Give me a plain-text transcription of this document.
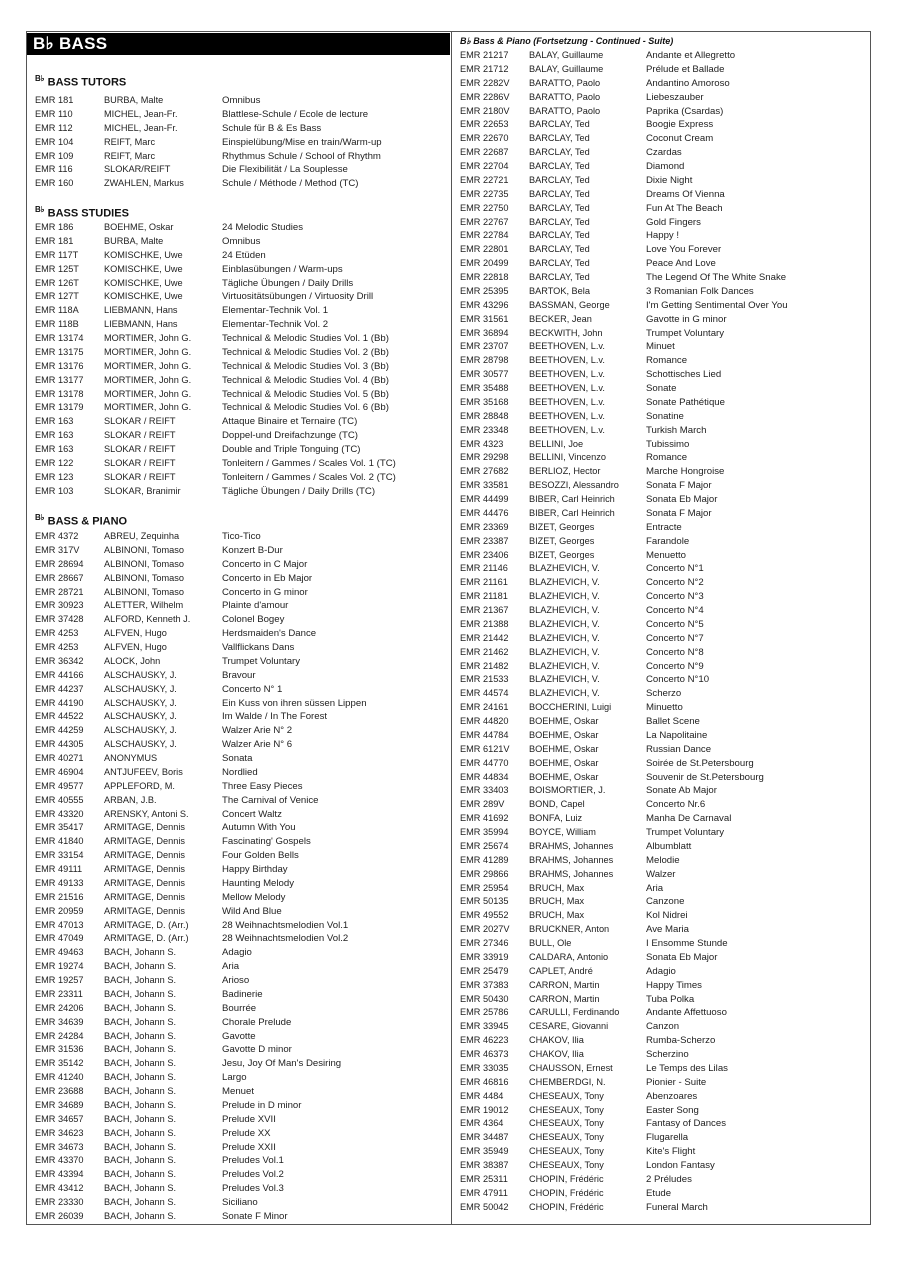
B♭ BASS
$^{B♭}$ BASS TUTORS
EMR 181	BURBA, Malte	Omnibus
EMR 110	MICHEL, Jean-Fr.	Blattlese-Schule / Ecole de lecture
EMR 112	MICHEL, Jean-Fr.	Schule für B & Es Bass
EMR 104	REIFT, Marc	Einspielübung/Mise en train/Warm-up
EMR 109	REIFT, Marc	Rhythmus Schule / School of Rhythm
EMR 116	SLOKAR/REIFT	Die Flexibilität / La Souplesse
EMR 160	ZWAHLEN, Markus	Schule / Méthode / Method (TC)
$^{B♭}$ BASS STUDIES
EMR 186	BOEHME, Oskar	24 Melodic Studies
EMR 181	BURBA, Malte	Omnibus
EMR 117T	KOMISCHKE, Uwe	24 Etüden
EMR 125T	KOMISCHKE, Uwe	Einblasübungen / Warm-ups
EMR 126T	KOMISCHKE, Uwe	Tägliche Übungen / Daily Drills
EMR 127T	KOMISCHKE, Uwe	Virtuositätsübungen / Virtuosity Drill
EMR 118A	LIEBMANN, Hans	Elementar-Technik Vol. 1
EMR 118B	LIEBMANN, Hans	Elementar-Technik Vol. 2
EMR 13174 MORTIMER, John G.	Technical & Melodic Studies Vol. 1 (Bb)
EMR 13175 MORTIMER, John G.	Technical & Melodic Studies Vol. 2 (Bb)
EMR 13176 MORTIMER, John G.	Technical & Melodic Studies Vol. 3 (Bb)
EMR 13177 MORTIMER, John G.	Technical & Melodic Studies Vol. 4 (Bb)
EMR 13178 MORTIMER, John G.	Technical & Melodic Studies Vol. 5 (Bb)
EMR 13179 MORTIMER, John G.	Technical & Melodic Studies Vol. 6 (Bb)
EMR 163	SLOKAR / REIFT	Attaque Binaire et Ternaire (TC)
EMR 163	SLOKAR / REIFT	Doppel-und Dreifachzunge (TC)
EMR 163	SLOKAR / REIFT	Double and Triple Tonguing (TC)
EMR 122	SLOKAR / REIFT	Tonleitern / Gammes / Scales Vol. 1 (TC)
EMR 123	SLOKAR / REIFT	Tonleitern / Gammes / Scales Vol. 2 (TC)
EMR 103	SLOKAR, Branimir	Tägliche Übungen / Daily Drills (TC)
$^{B♭}$ BASS & PIANO
EMR 4372	ABREU, Zequinha	Tico-Tico
EMR 317V	ALBINONI, Tomaso	Konzert B-Dur
EMR 28694 ALBINONI, Tomaso	Concerto in C Major
EMR 28667 ALBINONI, Tomaso	Concerto in Eb Major
EMR 28721 ALBINONI, Tomaso	Concerto in G minor
EMR 30923 ALETTER, Wilhelm	Plainte d'amour
EMR 37428 ALFORD, Kenneth J.	Colonel Bogey
EMR 4253	ALFVEN, Hugo	Herdsmaiden's Dance
EMR 4253	ALFVEN, Hugo	Vallflickans Dans
EMR 36342 ALOCK, John	Trumpet Voluntary
EMR 44166 ALSCHAUSKY, J.	Bravour
EMR 44237 ALSCHAUSKY, J.	Concerto N° 1
EMR 44190 ALSCHAUSKY, J.	Ein Kuss von ihren süssen Lippen
EMR 44522 ALSCHAUSKY, J.	Im Walde / In The Forest
EMR 44259 ALSCHAUSKY, J.	Walzer Arie N° 2
EMR 44305 ALSCHAUSKY, J.	Walzer Arie N° 6
EMR 40271 ANONYMUS	Sonata
EMR 46904 ANTJUFEEV, Boris	Nordlied
EMR 49577 APPLEFORD, M.	Three Easy Pieces
EMR 40555 ARBAN, J.B.	The Carnival of Venice
EMR 43320 ARENSKY, Antoni S.	Concert Waltz
EMR 35417 ARMITAGE, Dennis	Autumn With You
EMR 41840 ARMITAGE, Dennis	Fascinating' Gospels
EMR 33154 ARMITAGE, Dennis	Four Golden Bells
EMR 49111 ARMITAGE, Dennis	Happy Birthday
EMR 49133 ARMITAGE, Dennis	Haunting Melody
EMR 21516 ARMITAGE, Dennis	Mellow Melody
EMR 20959 ARMITAGE, Dennis	Wild And Blue
EMR 47013 ARMITAGE, D. (Arr.)	28 Weihnachtsmelodien Vol.1
EMR 47049 ARMITAGE, D. (Arr.)	28 Weihnachtsmelodien Vol.2
EMR 49463 BACH, Johann S.	Adagio
EMR 19274 BACH, Johann S.	Aria
EMR 19257 BACH, Johann S.	Arioso
EMR 23311 BACH, Johann S.	Badinerie
EMR 24206 BACH, Johann S.	Bourrée
EMR 34639 BACH, Johann S.	Chorale Prelude
EMR 24284 BACH, Johann S.	Gavotte
EMR 31536 BACH, Johann S.	Gavotte D minor
EMR 35142 BACH, Johann S.	Jesu, Joy Of Man's Desiring
EMR 41240 BACH, Johann S.	Largo
EMR 23688 BACH, Johann S.	Menuet
EMR 34689 BACH, Johann S.	Prelude in D minor
EMR 34657 BACH, Johann S.	Prelude XVII
EMR 34623 BACH, Johann S.	Prelude XX
EMR 34673 BACH, Johann S.	Prelude XXII
EMR 43370 BACH, Johann S.	Preludes Vol.1
EMR 43394 BACH, Johann S.	Preludes Vol.2
EMR 43412 BACH, Johann S.	Preludes Vol.3
EMR 23330 BACH, Johann S.	Siciliano
EMR 26039 BACH, Johann S.	Sonate F Minor
B♭ Bass & Piano (Fortsetzung - Continued - Suite)
EMR 21217 BALAY, Guillaume	Andante et Allegretto
EMR 21712 BALAY, Guillaume	Prélude et Ballade
EMR 2282V BARATTO, Paolo	Andantino Amoroso
EMR 2286V BARATTO, Paolo	Liebeszauber
EMR 2180V BARATTO, Paolo	Paprika (Csardas)
EMR 22653 BARCLAY, Ted	Boogie Express
EMR 22670 BARCLAY, Ted	Coconut Cream
EMR 22687 BARCLAY, Ted	Czardas
EMR 22704 BARCLAY, Ted	Diamond
EMR 22721 BARCLAY, Ted	Dixie Night
EMR 22735 BARCLAY, Ted	Dreams Of Vienna
EMR 22750 BARCLAY, Ted	Fun At The Beach
EMR 22767 BARCLAY, Ted	Gold Fingers
EMR 22784 BARCLAY, Ted	Happy !
EMR 22801 BARCLAY, Ted	Love You Forever
EMR 20499 BARCLAY, Ted	Peace And Love
EMR 22818 BARCLAY, Ted	The Legend Of The White Snake
EMR 25395 BARTOK, Bela	3 Romanian Folk Dances
EMR 43296 BASSMAN, George	I'm Getting Sentimental Over You
EMR 31561 BECKER, Jean	Gavotte in G minor
EMR 36894 BECKWITH, John	Trumpet Voluntary
EMR 23707 BEETHOVEN, L.v.	Minuet
EMR 28798 BEETHOVEN, L.v.	Romance
EMR 30577 BEETHOVEN, L.v.	Schottisches Lied
EMR 35488 BEETHOVEN, L.v.	Sonate
EMR 35168 BEETHOVEN, L.v.	Sonate Pathétique
EMR 28848 BEETHOVEN, L.v.	Sonatine
EMR 23348 BEETHOVEN, L.v.	Turkish March
EMR 4323	BELLINI, Joe	Tubissimo
EMR 29298 BELLINI, Vincenzo	Romance
EMR 27682 BERLIOZ, Hector	Marche Hongroise
EMR 33581 BESOZZI, Alessandro	Sonata F Major
EMR 44499 BIBER, Carl Heinrich	Sonata Eb Major
EMR 44476 BIBER, Carl Heinrich	Sonata F Major
EMR 23369 BIZET, Georges	Entracte
EMR 23387 BIZET, Georges	Farandole
EMR 23406 BIZET, Georges	Menuetto
EMR 21146 BLAZHEVICH, V.	Concerto N°1
EMR 21161 BLAZHEVICH, V.	Concerto N°2
EMR 21181 BLAZHEVICH, V.	Concerto N°3
EMR 21367 BLAZHEVICH, V.	Concerto N°4
EMR 21388 BLAZHEVICH, V.	Concerto N°5
EMR 21442 BLAZHEVICH, V.	Concerto N°7
EMR 21462 BLAZHEVICH, V.	Concerto N°8
EMR 21482 BLAZHEVICH, V.	Concerto N°9
EMR 21533 BLAZHEVICH, V.	Concerto N°10
EMR 44574 BLAZHEVICH, V.	Scherzo
EMR 24161 BOCCHERINI, Luigi	Minuetto
EMR 44820 BOEHME, Oskar	Ballet Scene
EMR 44784 BOEHME, Oskar	La Napolitaine
EMR 6121V BOEHME, Oskar	Russian Dance
EMR 44770 BOEHME, Oskar	Soirée de St.Petersbourg
EMR 44834 BOEHME, Oskar	Souvenir de St.Petersbourg
EMR 33403 BOISMORTIER, J.	Sonate Ab Major
EMR 289V	BOND, Capel	Concerto Nr.6
EMR 41692 BONFA, Luiz	Manha De Carnaval
EMR 35994 BOYCE, William	Trumpet Voluntary
EMR 25674 BRAHMS, Johannes	Albumblatt
EMR 41289 BRAHMS, Johannes	Melodie
EMR 29866 BRAHMS, Johannes	Walzer
EMR 25954 BRUCH, Max	Aria
EMR 50135 BRUCH, Max	Canzone
EMR 49552 BRUCH, Max	Kol Nidrei
EMR 2027V BRUCKNER, Anton	Ave Maria
EMR 27346 BULL, Ole	I Ensomme Stunde
EMR 33919 CALDARA, Antonio	Sonata Eb Major
EMR 25479 CAPLET, André	Adagio
EMR 37383 CARRON, Martin	Happy Times
EMR 50430 CARRON, Martin	Tuba Polka
EMR 25786 CARULLI, Ferdinando	Andante Affettuoso
EMR 33945 CESARE, Giovanni	Canzon
EMR 46223 CHAKOV, Ilia	Rumba-Scherzo
EMR 46373 CHAKOV, Ilia	Scherzino
EMR 33035 CHAUSSON, Ernest	Le Temps des Lilas
EMR 46816 CHEMBERDGI, N.	Pionier - Suite
EMR 4484	CHESEAUX, Tony	Abenzoares
EMR 19012 CHESEAUX, Tony	Easter Song
EMR 4364	CHESEAUX, Tony	Fantasy of Dances
EMR 34487 CHESEAUX, Tony	Flugarella
EMR 35949 CHESEAUX, Tony	Kite's Flight
EMR 38387 CHESEAUX, Tony	London Fantasy
EMR 25311 CHOPIN, Frédéric	2 Préludes
EMR 47911 CHOPIN, Frédéric	Etude
EMR 50042 CHOPIN, Frédéric	Funeral March
